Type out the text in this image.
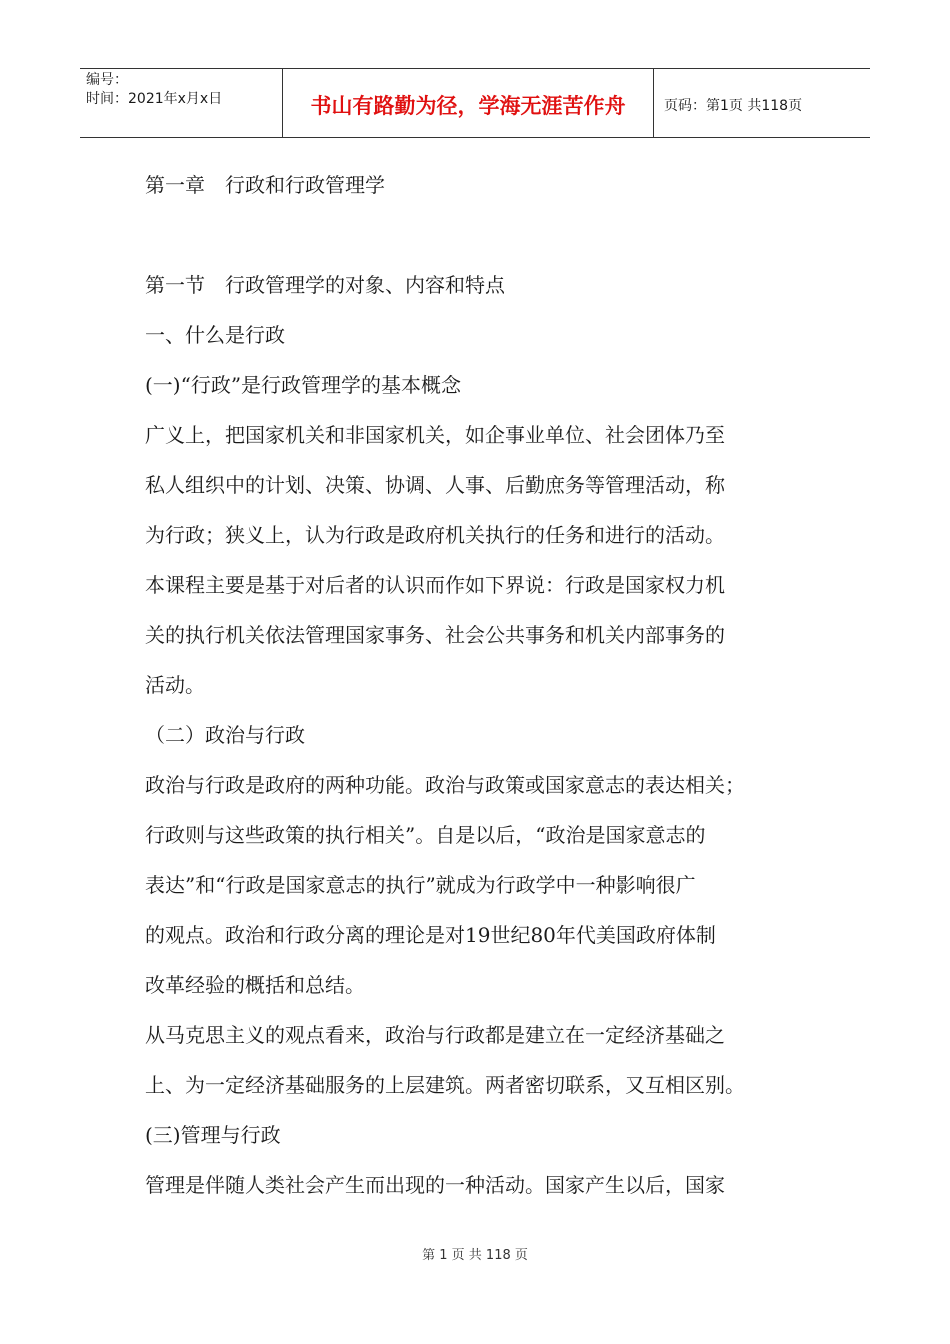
编号：
时间：2021年x月x日	书山有路勤为径，学海无涯苦作舟	页码：第1页 共118页
第一章　行政和行政管理学
第一节　行政管理学的对象、内容和特点
一、什么是行政
(一)“行政”是行政管理学的基本概念
广义上，把国家机关和非国家机关，如企事业单位、社会团体乃至
私人组织中的计划、决策、协调、人事、后勤庶务等管理活动，称
为行政；狭义上，认为行政是政府机关执行的任务和进行的活动。
本课程主要是基于对后者的认识而作如下界说：行政是国家权力机
关的执行机关依法管理国家事务、社会公共事务和机关内部事务的
活动。
（二）政治与行政
政治与行政是政府的两种功能。政治与政策或国家意志的表达相关；
行政则与这些政策的执行相关”。自是以后，“政治是国家意志的
表达”和“行政是国家意志的执行”就成为行政学中一种影响很广
的观点。政治和行政分离的理论是对19世纪80年代美国政府体制
改革经验的概括和总结。
从马克思主义的观点看来，政治与行政都是建立在一定经济基础之
上、为一定经济基础服务的上层建筑。两者密切联系，又互相区别。
(三)管理与行政
管理是伴随人类社会产生而出现的一种活动。国家产生以后，国家
第 1 页 共 118 页
